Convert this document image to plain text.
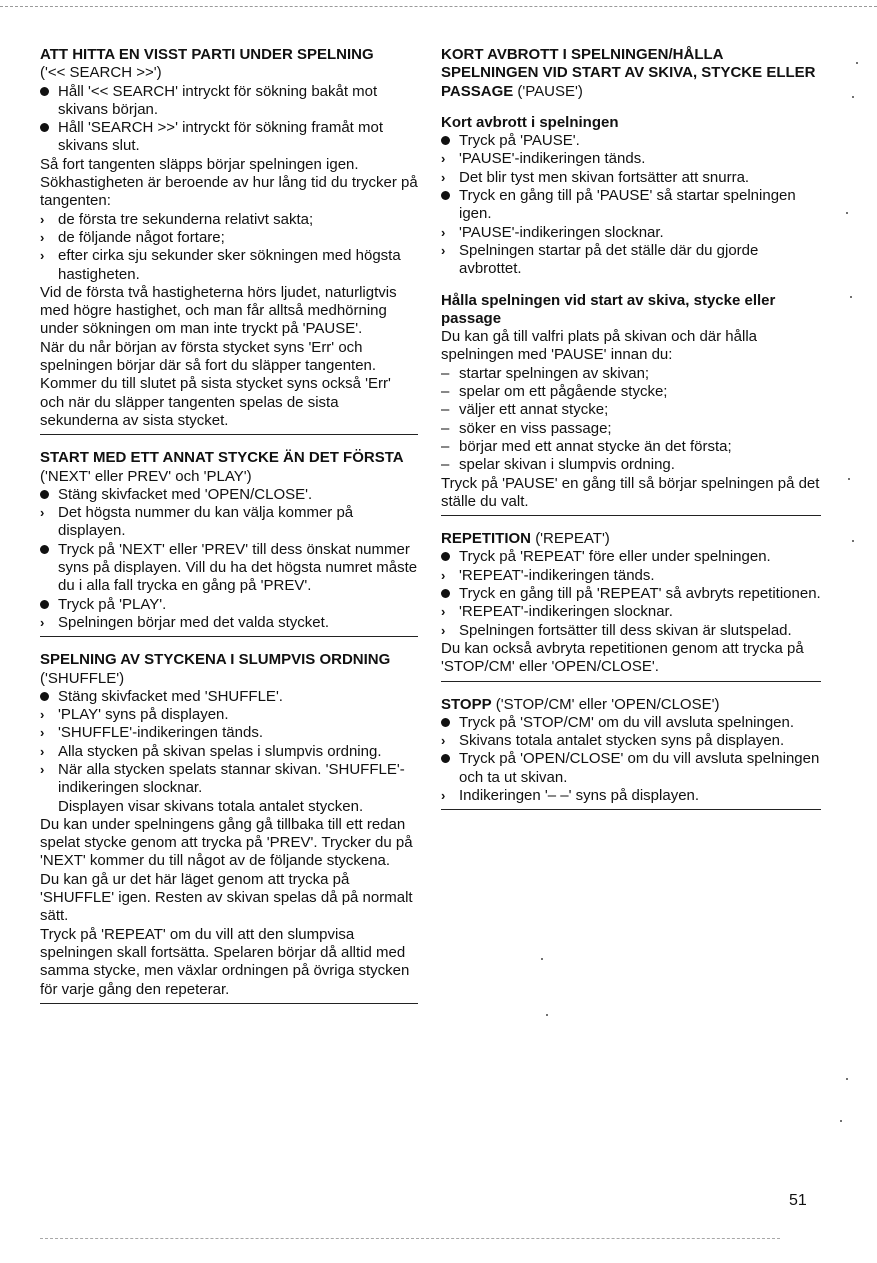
ATT HITTA EN VISST PARTI UNDER SPELNING

('<< SEARCH >>')

Håll '<< SEARCH' intryckt för sökning bakåt mot skivans början.
Håll 'SEARCH >>' intryckt för sökning framåt mot skivans slut.

Så fort tangenten släpps börjar spelningen igen.

Sökhastigheten är beroende av hur lång tid du trycker på tangenten:

› de första tre sekunderna relativt sakta;
› de följande något fortare;
› efter cirka sju sekunder sker sökningen med högsta hastigheten.

Vid de första två hastigheterna hörs ljudet, naturligtvis med högre hastighet, och man får alltså medhörning under sökningen om man inte tryckt på 'PAUSE'.

När du når början av första stycket syns 'Err' och spelningen börjar där så fort du släpper tangenten. Kommer du till slutet på sista stycket syns också 'Err' och när du släpper tangenten spelas de sista sekunderna av sista stycket.

START MED ETT ANNAT STYCKE ÄN DET FÖRSTA

('NEXT' eller PREV' och 'PLAY')

Stäng skivfacket med 'OPEN/CLOSE'.
› Det högsta nummer du kan välja kommer på displayen.
Tryck på 'NEXT' eller 'PREV' till dess önskat nummer syns på displayen. Vill du ha det högsta numret måste du i alla fall trycka en gång på 'PREV'.
Tryck på 'PLAY'.
› Spelningen börjar med det valda stycket.

SPELNING AV STYCKENA I SLUMPVIS ORDNING

('SHUFFLE')

Stäng skivfacket med 'SHUFFLE'.
› 'PLAY' syns på displayen.
› 'SHUFFLE'-indikeringen tänds.
› Alla stycken på skivan spelas i slumpvis ordning.
› När alla stycken spelats stannar skivan. 'SHUFFLE'-indikeringen slocknar.

Displayen visar skivans totala antalet stycken.

Du kan under spelningens gång gå tillbaka till ett redan spelat stycke genom att trycka på 'PREV'. Trycker du på 'NEXT' kommer du till något av de följande styckena.

Du kan gå ur det här läget genom att trycka på 'SHUFFLE' igen. Resten av skivan spelas då på normalt sätt.

Tryck på 'REPEAT' om du vill att den slumpvisa spelningen skall fortsätta. Spelaren börjar då alltid med samma stycke, men växlar ordningen på övriga stycken för varje gång den repeterar.

KORT AVBROTT I SPELNINGEN/HÅLLA SPELNINGEN VID START AV SKIVA, STYCKE ELLER PASSAGE ('PAUSE')

Kort avbrott i spelningen

Tryck på 'PAUSE'.
› 'PAUSE'-indikeringen tänds.
› Det blir tyst men skivan fortsätter att snurra.
Tryck en gång till på 'PAUSE' så startar spelningen igen.
› 'PAUSE'-indikeringen slocknar.
› Spelningen startar på det ställe där du gjorde avbrottet.

Hålla spelningen vid start av skiva, stycke eller passage

Du kan gå till valfri plats på skivan och där hålla spelningen med 'PAUSE' innan du:

– startar spelningen av skivan;
– spelar om ett pågående stycke;
– väljer ett annat stycke;
– söker en viss passage;
– börjar med ett annat stycke än det första;
– spelar skivan i slumpvis ordning.

Tryck på 'PAUSE' en gång till så börjar spelningen på det ställe du valt.

REPETITION ('REPEAT')

Tryck på 'REPEAT' före eller under spelningen.
› 'REPEAT'-indikeringen tänds.
Tryck en gång till på 'REPEAT' så avbryts repetitionen.
› 'REPEAT'-indikeringen slocknar.
› Spelningen fortsätter till dess skivan är slutspelad.

Du kan också avbryta repetitionen genom att trycka på 'STOP/CM' eller 'OPEN/CLOSE'.

STOPP ('STOP/CM' eller 'OPEN/CLOSE')

Tryck på 'STOP/CM' om du vill avsluta spelningen.
› Skivans totala antalet stycken syns på displayen.
Tryck på 'OPEN/CLOSE' om du vill avsluta spelningen och ta ut skivan.
› Indikeringen '– –' syns på displayen.
51
